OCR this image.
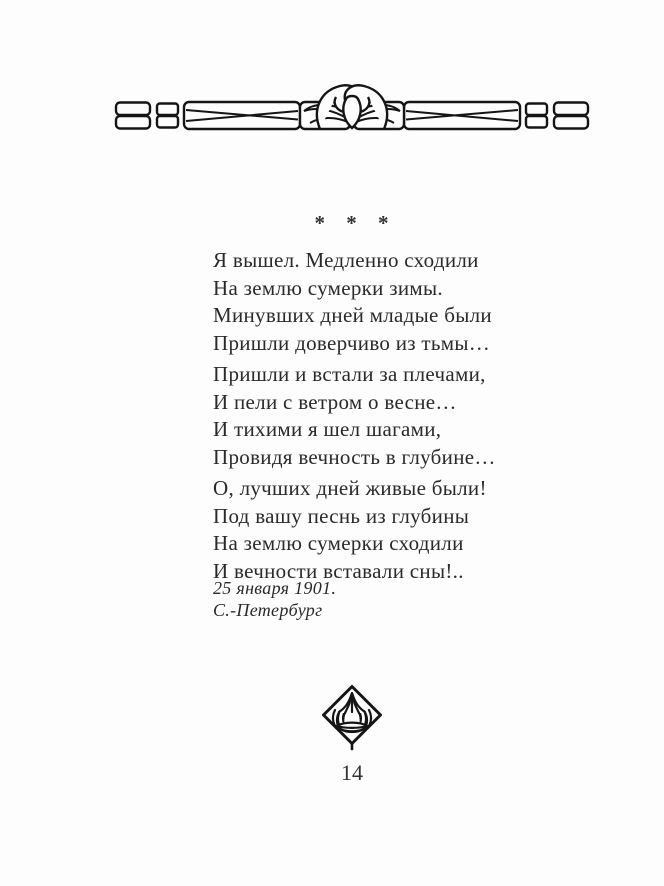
* * *
Я вышел. Медленно сходили
На землю сумерки зимы.
Минувших дней младые были
Пришли доверчиво из тьмы…
Пришли и встали за плечами,
И пели с ветром о весне…
И тихими я шел шагами,
Провидя вечность в глубине…
О, лучших дней живые были!
Под вашу песнь из глубины
На землю сумерки сходили
И вечности вставали сны!..
25 января 1901.
С.-Петербург
14
